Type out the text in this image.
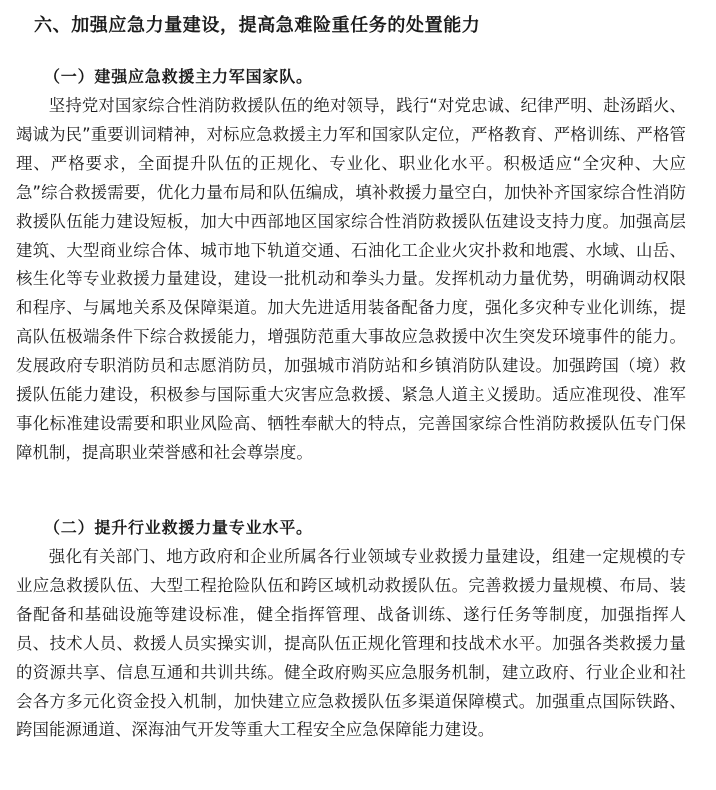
六、加强应急力量建设，提高急难险重任务的处置能力
（一）建强应急救援主力军国家队。

坚持党对国家综合性消防救援队伍的绝对领导，践行“对党忠诚、纪律严明、赴汤蹈火、竭诚为民”重要训词精神，对标应急救援主力军和国家队定位，严格教育、严格训练、严格管理、严格要求，全面提升队伍的正规化、专业化、职业化水平。积极适应“全灾种、大应急”综合救援需要，优化力量布局和队伍编成，填补救援力量空白，加快补齐国家综合性消防救援队伍能力建设短板，加大中西部地区国家综合性消防救援队伍建设支持力度。加强高层建筑、大型商业综合体、城市地下轨道交通、石油化工企业火灾扑救和地震、水域、山岳、核生化等专业救援力量建设，建设一批机动和拳头力量。发挥机动力量优势，明确调动权限和程序、与属地关系及保障渠道。加大先进适用装备配备力度，强化多灾种专业化训练，提高队伍极端条件下综合救援能力，增强防范重大事故应急救援中次生突发环境事件的能力。发展政府专职消防员和志愿消防员，加强城市消防站和乡镇消防队建设。加强跨国（境）救援队伍能力建设，积极参与国际重大灾害应急救援、紧急人道主义援助。适应准现役、准军事化标准建设需要和职业风险高、牺牲奉献大的特点，完善国家综合性消防救援队伍专门保障机制，提高职业荣誉感和社会尊崇度。

（二）提升行业救援力量专业水平。

强化有关部门、地方政府和企业所属各行业领域专业救援力量建设，组建一定规模的专业应急救援队伍、大型工程抢险队伍和跨区域机动救援队伍。完善救援力量规模、布局、装备配备和基础设施等建设标准，健全指挥管理、战备训练、遂行任务等制度，加强指挥人员、技术人员、救援人员实操实训，提高队伍正规化管理和技战术水平。加强各类救援力量的资源共享、信息互通和共训共练。健全政府购买应急服务机制，建立政府、行业企业和社会各方多元化资金投入机制，加快建立应急救援队伍多渠道保障模式。加强重点国际铁路、跨国能源通道、深海油气开发等重大工程安全应急保障能力建设。
